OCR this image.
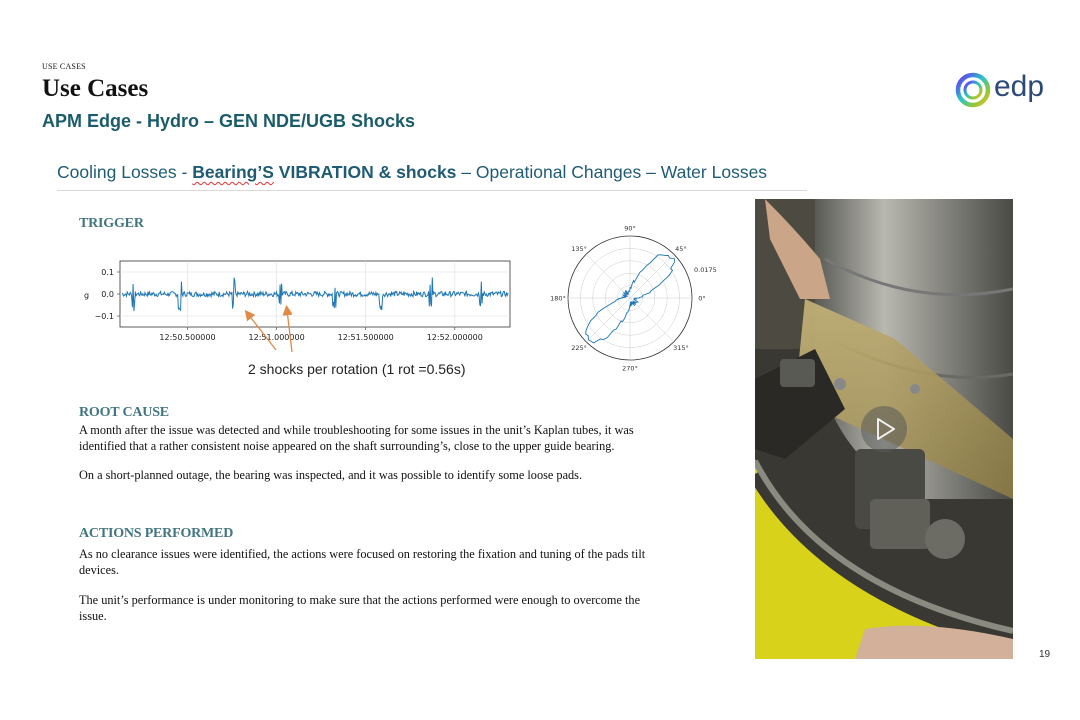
USE CASES
Use Cases
APM Edge - Hydro – GEN NDE/UGB Shocks
edp
Cooling Losses - Bearing’S VIBRATION & shocks – Operational Changes – Water Losses
TRIGGER
0.1
0.0
−0.1
12:50.500000	12:51.000000	12:51.500000	12:52.000000
g
2 shocks per rotation (1 rot =0.56s)
90°
45°
0°
315°
270°
225°
180°
135°
0.0175
ROOT CAUSE
A month after the issue was detected and while troubleshooting for some issues in the unit’s Kaplan tubes, it was identified that a rather consistent noise appeared on the shaft surrounding’s, close to the upper guide bearing.
On a short-planned outage, the bearing was inspected, and it was possible to identify some loose pads.
ACTIONS PERFORMED
As no clearance issues were identified, the actions were focused on restoring the fixation and tuning of the pads tilt devices.
The unit’s performance is under monitoring to make sure that the actions performed were enough to overcome the issue.
19
